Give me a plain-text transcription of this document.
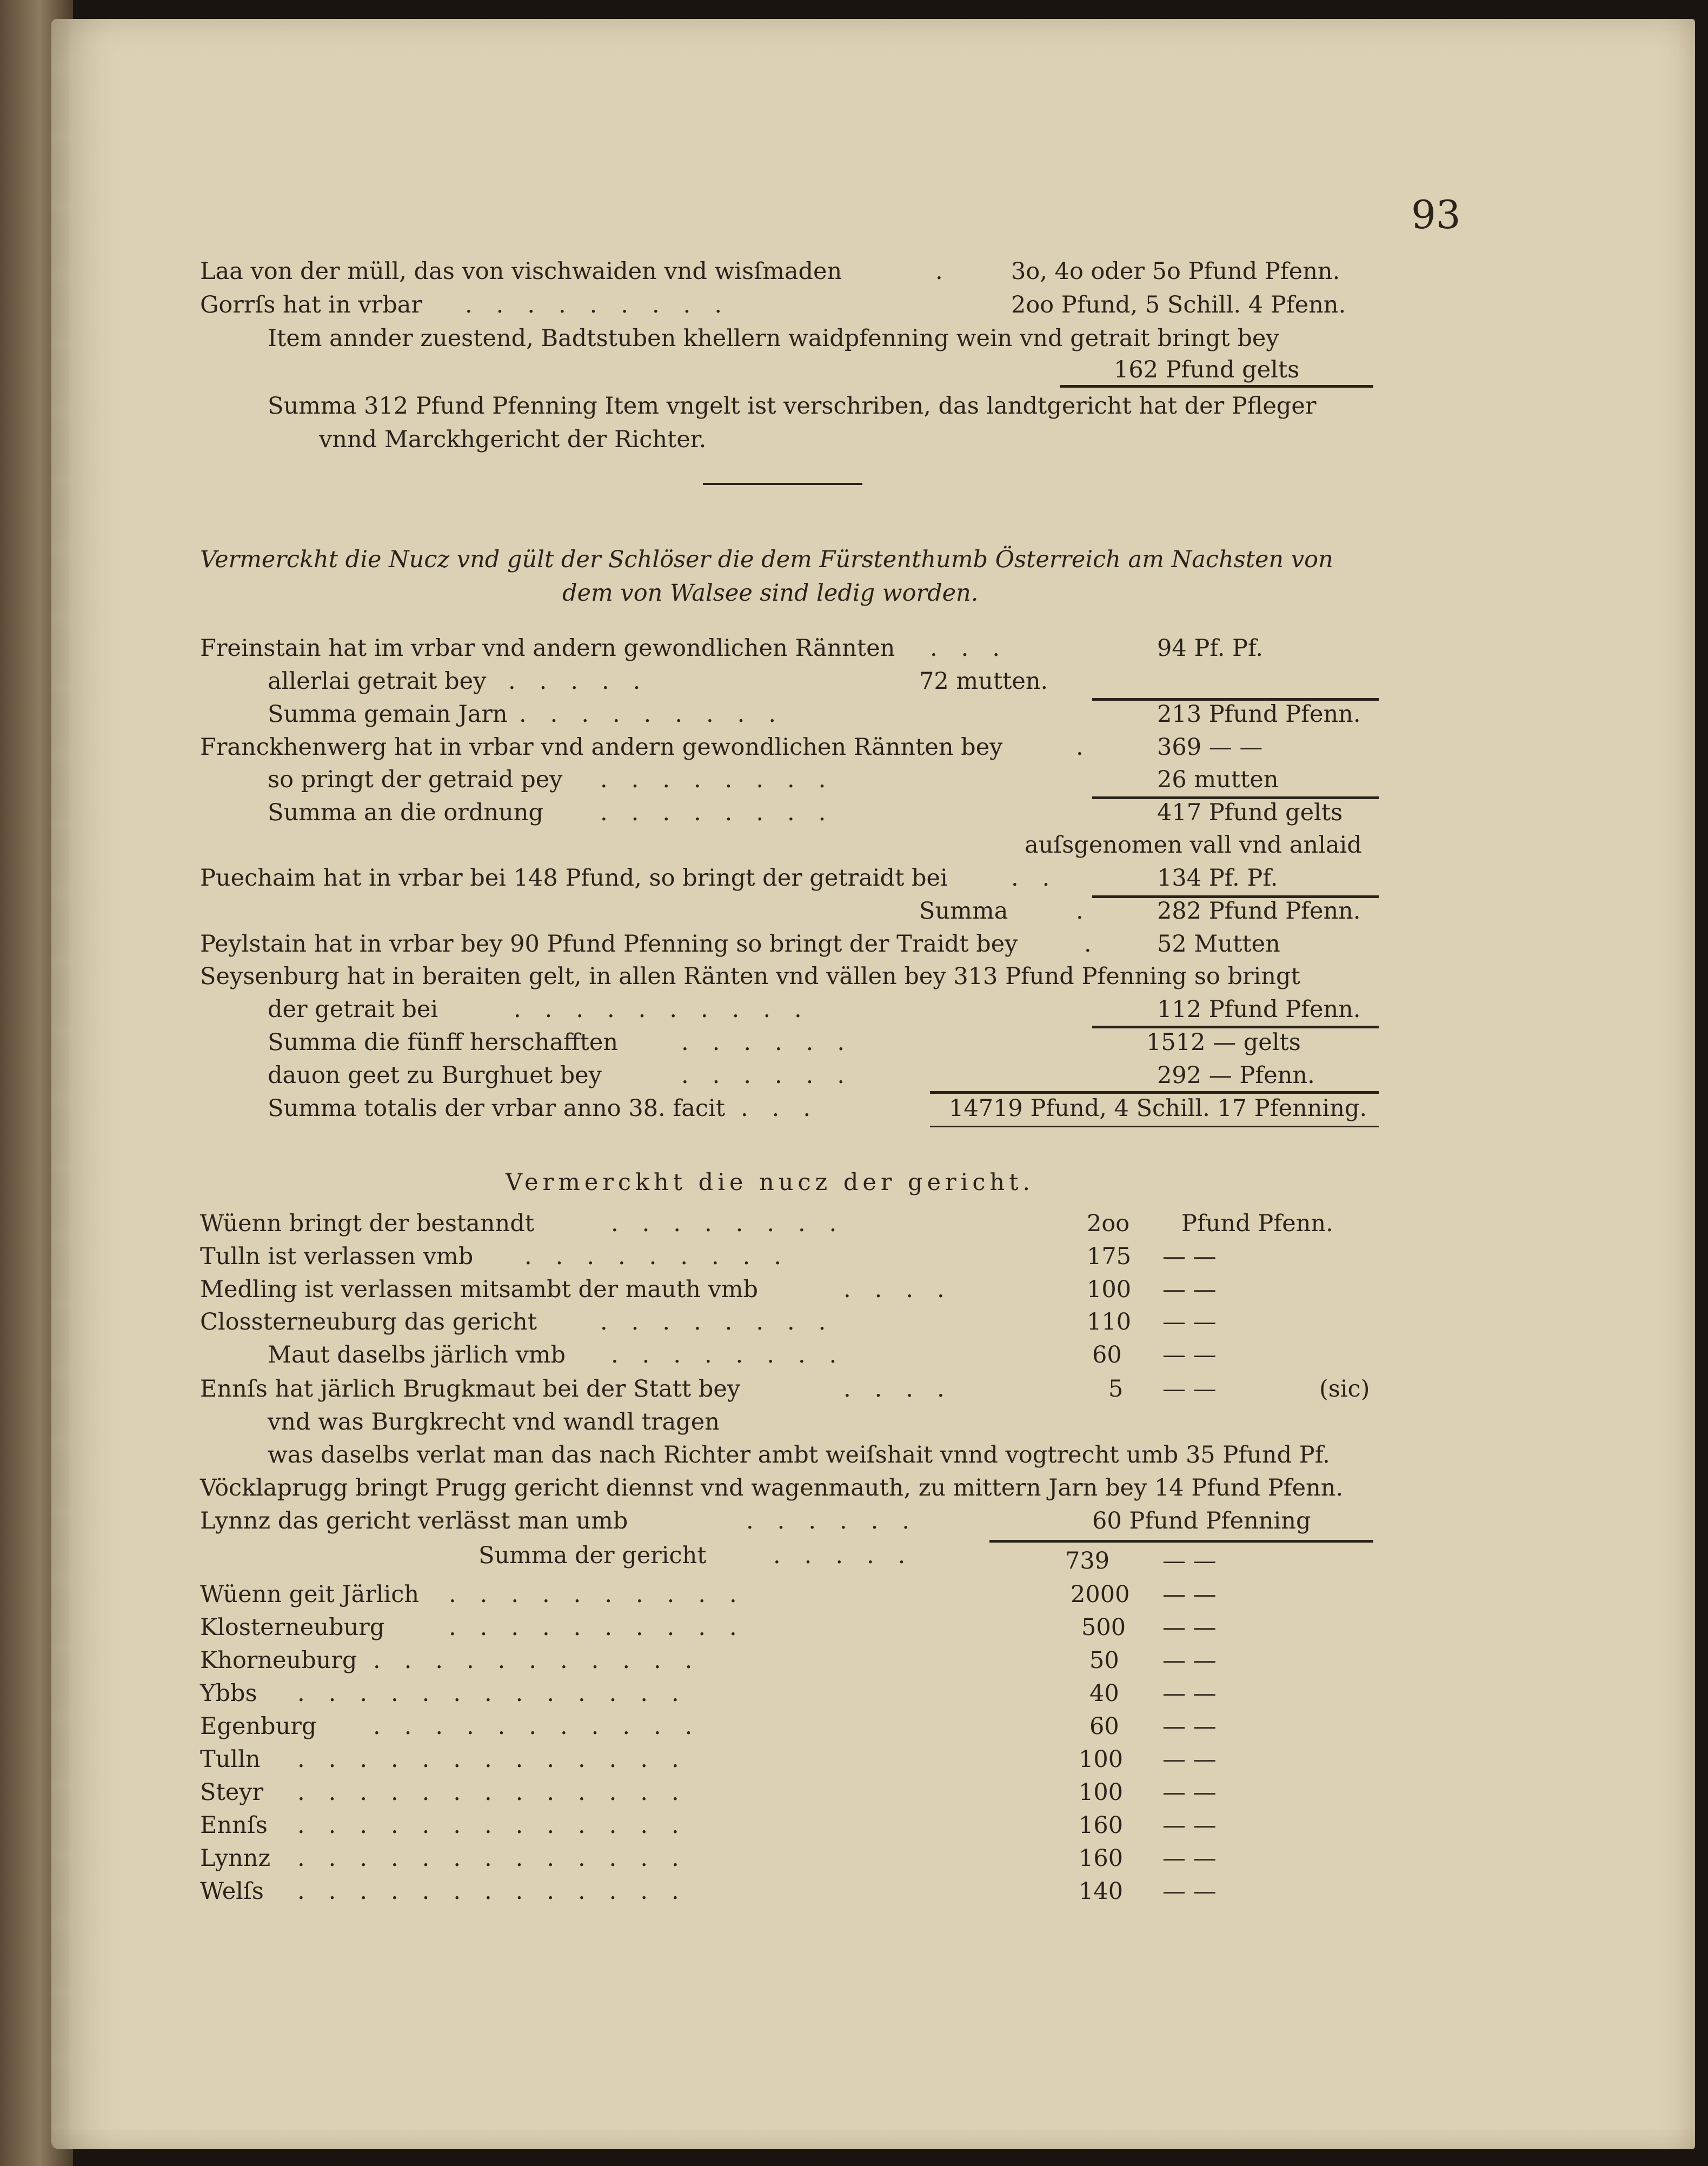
93
Laa von der müll, das von vischwaiden vnd wisſmaden	. 3o, 4o oder 5o Pfund Pfenn.
Gorrſs hat in vrbar .........	2oo Pfund, 5 Schill. 4 Pfenn.
Item annder zuestend, Badtstuben khellern waidpfenning wein vnd getrait bringt bey
162 Pfund gelts
Summa 312 Pfund Pfenning Item vngelt ist verschriben, das landtgericht hat der Pfleger
vnnd Marckhgericht der Richter.
Vermerckht die Nucz vnd gült der Schlöser die dem Fürstenthumb Österreich am Nachsten von
dem von Walsee sind ledig worden.
Freinstain hat im vrbar vnd andern gewondlichen Rännten ...	94 Pf. Pf.
allerlai getrait bey .....	72 mutten.
Summa gemain Jarn .........	213 Pfund Pfenn.
Franckhenwerg hat in vrbar vnd andern gewondlichen Rännten bey	. 369 — —
so pringt der getraid pey ........	26 mutten
Summa an die ordnung ........	417 Pfund gelts
auſsgenomen vall vnd anlaid
Puechaim hat in vrbar bei 148 Pfund, so bringt der getraidt bei	..	134 Pf. Pf.
Summa	. 282 Pfund Pfenn.
Peylstain hat in vrbar bey 90 Pfund Pfenning so bringt der Traidt bey	. 52 Mutten
Seysenburg hat in beraiten gelt, in allen Ränten vnd vällen bey 313 Pfund Pfenning so bringt
der getrait bei	..........	112 Pfund Pfenn.
Summa die fünff herschafften	......	1512 — gelts
dauon geet zu Burghuet bey	......	292 — Pfenn.
Summa totalis der vrbar anno 38. facit ...	14719 Pfund, 4 Schill. 17 Pfenning.
Vermerckht die nucz der gericht.
Wüenn bringt der bestanndt	........	2oo Pfund Pfenn.
Tulln ist verlassen vmb .........	175 — —
Medling ist verlassen mitsambt der mauth vmb	....	100 — —
Clossterneuburg das gericht	........	110 — —
Maut daselbs järlich vmb ........	60 — —
Ennſs hat järlich Brugkmaut bei der Statt bey	....	5 — —	(sic)
vnd was Burgkrecht vnd wandl tragen
was daselbs verlat man das nach Richter ambt weiſshait vnnd vogtrecht umb 35 Pfund Pf.
Vöcklaprugg bringt Prugg gericht diennst vnd wagenmauth, zu mittern Jarn bey 14 Pfund Pfenn.
Lynnz das gericht verlässt man umb	......	60 Pfund Pfenning
Summa der gericht	.....	739 — —
Wüenn geit Järlich ..........	2000 — —
Klosterneuburg	..........	500 — —
Khorneuburg ...........	50 — —
Ybbs .............	40 — —
Egenburg ...........	60 — —
Tulln .............	100 — —
Steyr .............	100 — —
Ennſs .............	160 — —
Lynnz .............	160 — —
Welſs .............	140 — —
